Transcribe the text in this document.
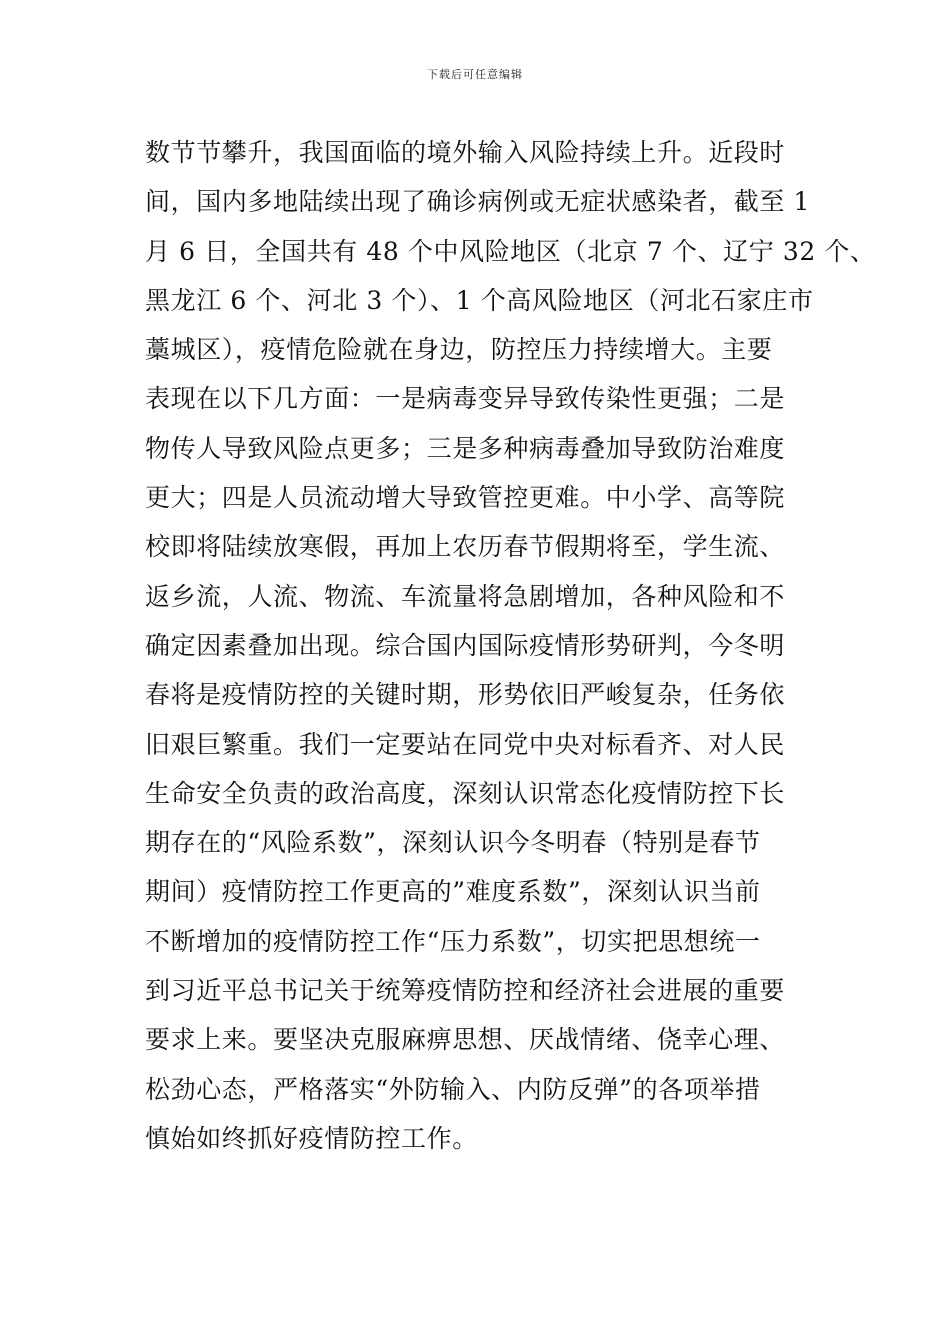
下载后可任意编辑
数节节攀升，我国面临的境外输入风险持续上升。近段时
间，国内多地陆续出现了确诊病例或无症状感染者，截至 1
月 6 日，全国共有 48 个中风险地区（北京 7 个、辽宁 32 个、
黑龙江 6 个、河北 3 个）、1 个高风险地区（河北石家庄市
藁城区），疫情危险就在身边，防控压力持续增大。主要
表现在以下几方面：一是病毒变异导致传染性更强；二是
物传人导致风险点更多；三是多种病毒叠加导致防治难度
更大；四是人员流动增大导致管控更难。中小学、高等院
校即将陆续放寒假，再加上农历春节假期将至，学生流、
返乡流，人流、物流、车流量将急剧增加，各种风险和不
确定因素叠加出现。综合国内国际疫情形势研判，今冬明
春将是疫情防控的关键时期，形势依旧严峻复杂，任务依
旧艰巨繁重。我们一定要站在同党中央对标看齐、对人民
生命安全负责的政治高度，深刻认识常态化疫情防控下长
期存在的“风险系数”，深刻认识今冬明春（特别是春节
期间）疫情防控工作更高的”难度系数”，深刻认识当前
不断增加的疫情防控工作“压力系数”，切实把思想统一
到习近平总书记关于统筹疫情防控和经济社会进展的重要
要求上来。要坚决克服麻痹思想、厌战情绪、侥幸心理、
松劲心态，严格落实“外防输入、内防反弹”的各项举措
慎始如终抓好疫情防控工作。
